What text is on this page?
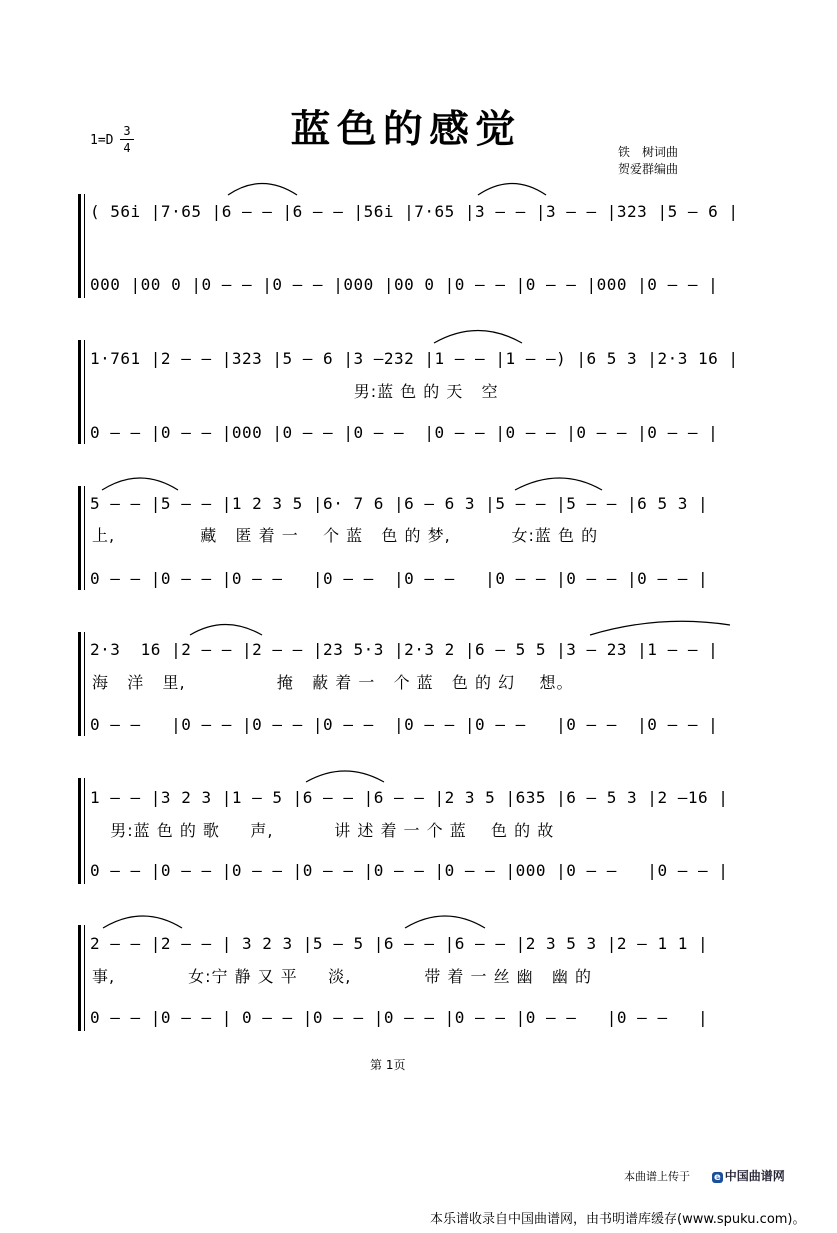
蓝色的感觉
1=D
3
4	铁　树词曲
贺爱群编曲
( 56i |7·65 |6 – – |6 – – |56i |7·65 |3 – – |3 – – |323 |5 – 6 |
000 |00 0 |0 – – |0 – – |000 |00 0 |0 – – |0 – – |000 |0 – – |
1·761 |2 – – |323 |5 – 6 |3 –232 |1 – – |1 – –) |6 5 3 |2·3 16 |
男:蓝 色 的 天   空
0 – – |0 – – |000 |0 – – |0 – –  |0 – – |0 – – |0 – – |0 – – |
5 – – |5 – – |1 2 3 5 |6· 7 6 |6 – 6 3 |5 – – |5 – – |6 5 3 |
上,              藏   匿 着 一    个 蓝   色 的 梦,          女:蓝 色 的
0 – – |0 – – |0 – –   |0 – –  |0 – –   |0 – – |0 – – |0 – – |
2·3  16 |2 – – |2 – – |23 5·3 |2·3 2 |6 – 5 5 |3 – 23 |1 – – |
海   洋   里,               掩   蔽 着 一   个 蓝   色 的 幻    想。
0 – –   |0 – – |0 – – |0 – –  |0 – – |0 – –   |0 – –  |0 – – |
1 – – |3 2 3 |1 – 5 |6 – – |6 – – |2 3 5 |635 |6 – 5 3 |2 –16 |
男:蓝 色 的 歌     声,          讲 述 着 一 个 蓝    色 的 故
0 – – |0 – – |0 – – |0 – – |0 – – |0 – – |000 |0 – –   |0 – – |
2 – – |2 – – | 3 2 3 |5 – 5 |6 – – |6 – – |2 3 5 3 |2 – 1 1 |
事,            女:宁 静 又 平     淡,            带 着 一 丝 幽   幽 的
0 – – |0 – – | 0 – – |0 – – |0 – – |0 – – |0 – –   |0 – –   |
第 1页
本曲谱上传于 e 中国曲谱网
本乐谱收录自中国曲谱网，由书明谱库缓存(www.spuku.com)。
